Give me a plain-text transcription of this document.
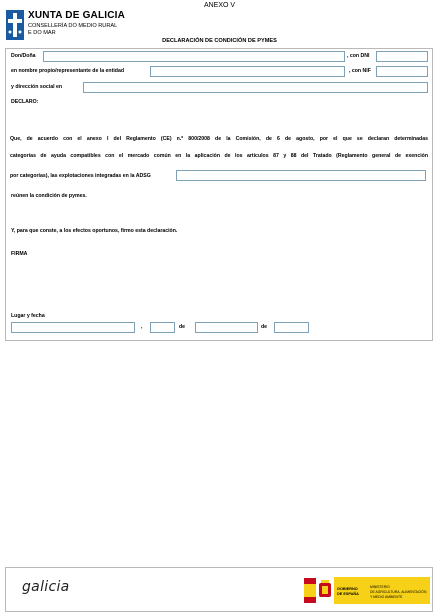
XUNTA DE GALICIA
CONSELLERÍA DO MEDIO RURAL
E DO MAR
ANEXO V
DECLARACIÓN DE CONDICIÓN DE PYMES
Don/Doña	, con DNI
en nombre propio/representante de la entidad	, con NIF
y dirección social en
DECLARO:
Que, de acuerdo con el anexo I del Reglamento (CE) n.º 800/2008 de la Comisión, de 6 de agosto, por el que se declaran determinadas
categorías de ayuda compatibles con el mercado común en la aplicación de los artículos 87 y 88 del Tratado (Reglamento general de exención
por categorías), las explotaciones integradas en la ADSG
reúnen la condición de pymes.
Y, para que conste, a los efectos oportunos, firmo esta declaración.
FIRMA
Lugar y fecha
,	de	de
galicia	GOBIERNO
DE ESPAÑA
MINISTERIO
DE AGRICULTURA, ALIMENTACIÓN
Y MEDIO AMBIENTE
